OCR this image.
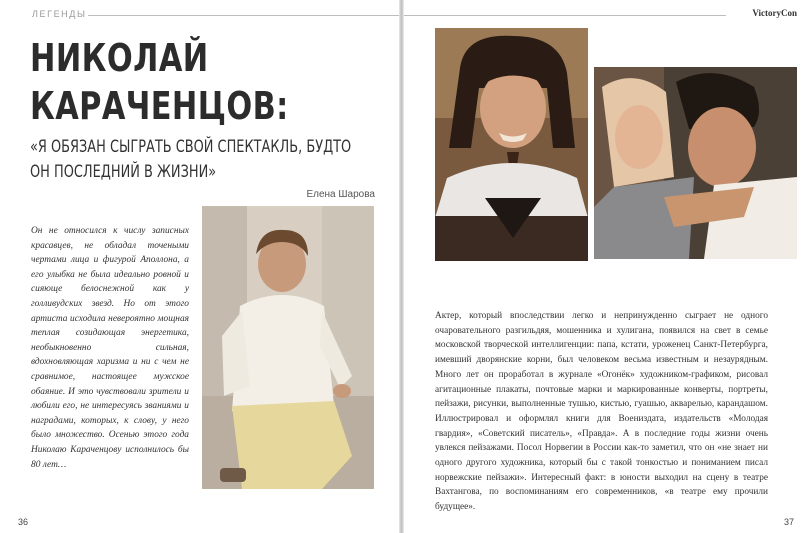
ЛЕГЕНДЫ
НИКОЛАЙ
КАРАЧЕНЦОВ:
«Я ОБЯЗАН СЫГРАТЬ СВОЙ СПЕКТАКЛЬ, БУДТО ОН ПОСЛЕДНИЙ В ЖИЗНИ»
Елена Шарова

Он не относился к числу записных красавцев, не обладал точеными чертами лица и фигурой Аполлона, а его улыбка не была идеально ровной и сияюще белоснежной как у голливудских звезд. Но от этого артиста исходила невероятно мощная теплая созидающая энергетика, необыкновенно сильная, вдохновляющая харизма и ни с чем не сравнимое, настоящее мужское обаяние. И это чувствовали зрители и любили его, не интересуясь званиями и наградами, которых, к слову, у него было множество. Осенью этого года Николаю Караченцову исполнилось бы 80 лет…

36
VictoryCon

Актер, который впоследствии легко и непринужденно сыграет не одного очаровательного разгильдяя, мошенника и хулигана, появился на свет в семье московской творческой интеллигенции: папа, кстати, уроженец Санкт-Петербурга, имевший дворянские корни, был человеком весьма известным и незаурядным. Много лет он проработал в журнале «Огонёк» художником-графиком, рисовал агитационные плакаты, почтовые марки и маркированные конверты, портреты, пейзажи, рисунки, выполненные тушью, кистью, гуашью, акварелью, карандашом. Иллюстрировал и оформлял книги для Воениздата, издательств «Молодая гвардия», «Советский писатель», «Правда». А в последние годы жизни очень увлекся пейзажами. Посол Норвегии в России как-то заметил, что он «не знает ни одного другого художника, который бы с такой тонкостью и пониманием писал норвежские пейзажи». Интересный факт: в юности выходил на сцену в театре Вахтангова, по воспоминаниям его современников, «в театре ему прочили будущее».

37
